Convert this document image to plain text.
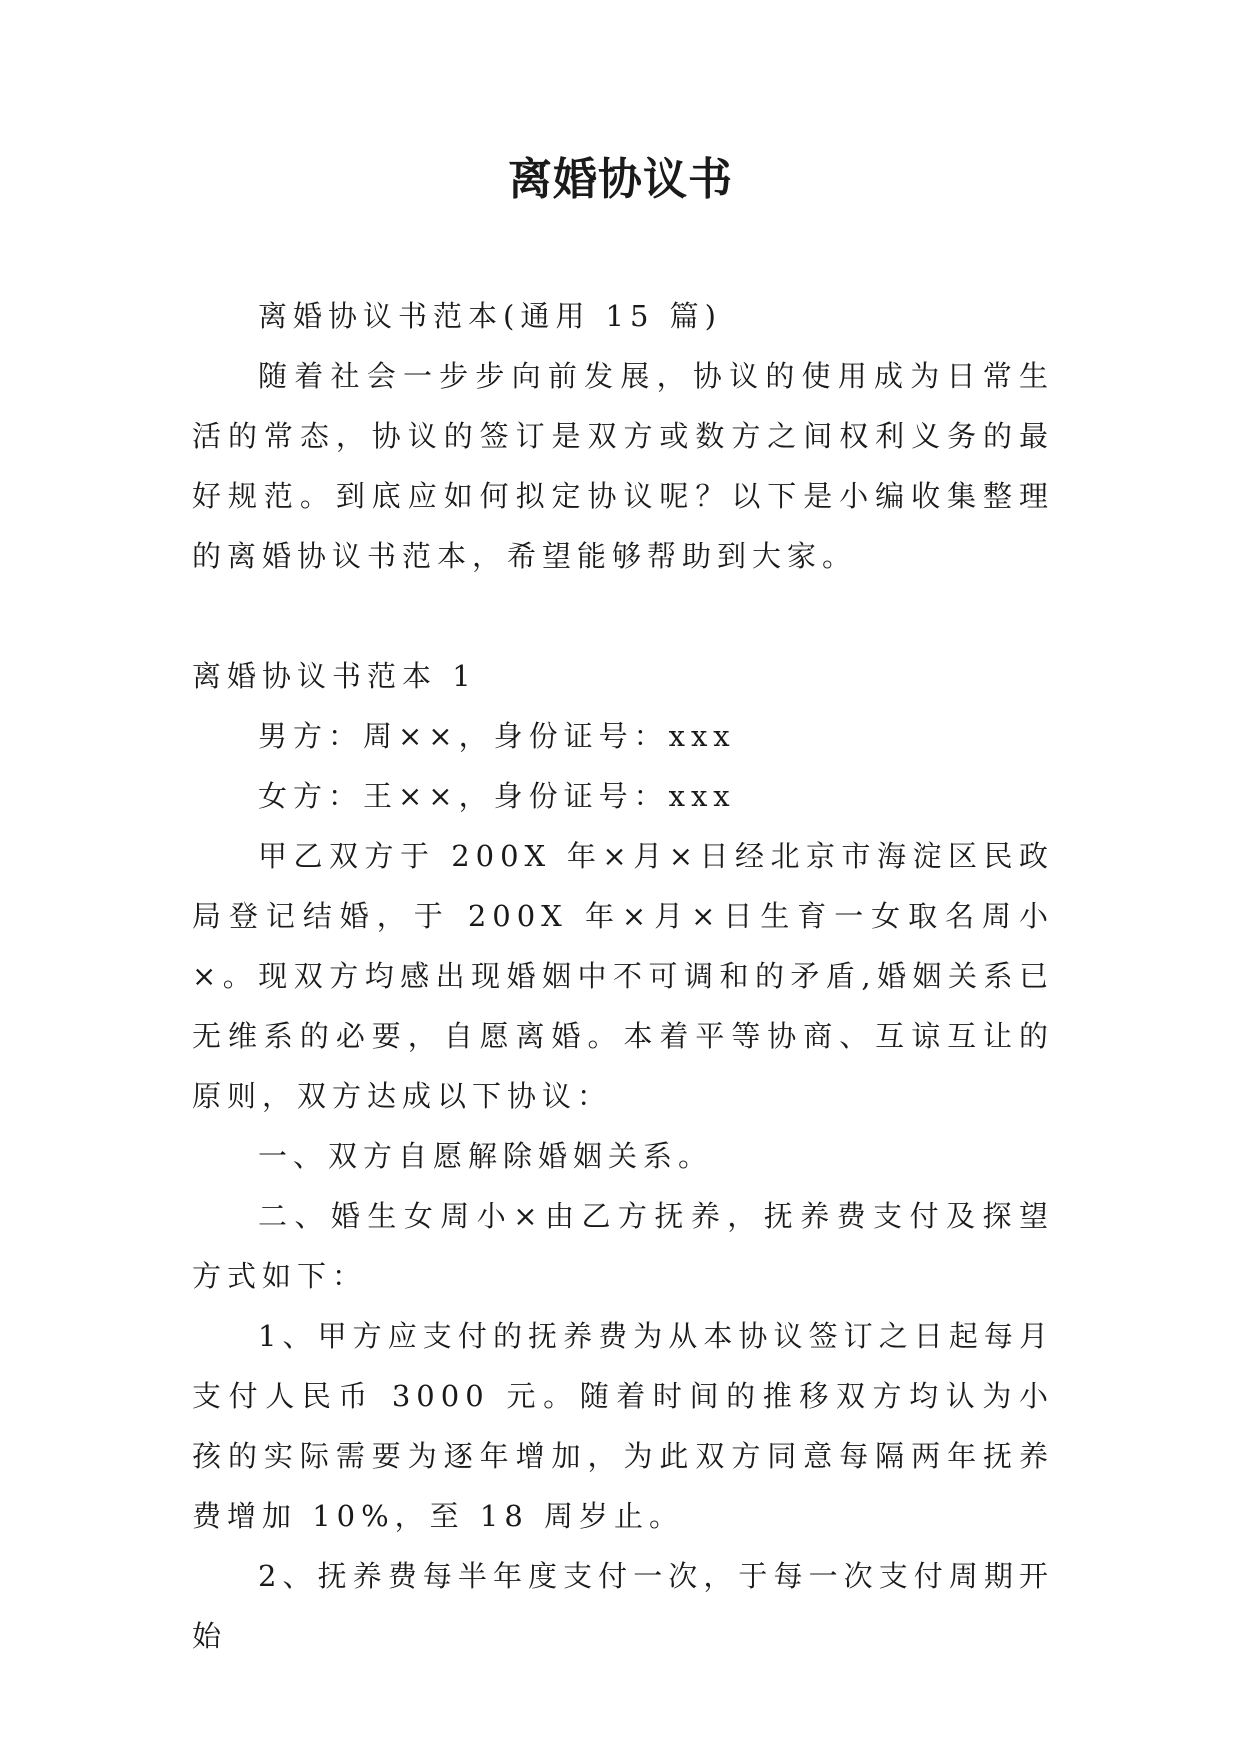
离婚协议书

离婚协议书范本(通用 15 篇)

随着社会一步步向前发展，协议的使用成为日常生活的常态，协议的签订是双方或数方之间权利义务的最好规范。到底应如何拟定协议呢？以下是小编收集整理的离婚协议书范本，希望能够帮助到大家。

离婚协议书范本 1

男方：周××，身份证号：xxx

女方：王××，身份证号：xxx

甲乙双方于 200X 年×月×日经北京市海淀区民政局登记结婚，于 200X 年×月×日生育一女取名周小×。现双方均感出现婚姻中不可调和的矛盾,婚姻关系已无维系的必要，自愿离婚。本着平等协商、互谅互让的原则，双方达成以下协议：

一、双方自愿解除婚姻关系。

二、婚生女周小×由乙方抚养，抚养费支付及探望方式如下：

1、甲方应支付的抚养费为从本协议签订之日起每月支付人民币 3000 元。随着时间的推移双方均认为小孩的实际需要为逐年增加，为此双方同意每隔两年抚养费增加 10%，至 18 周岁止。

2、抚养费每半年度支付一次，于每一次支付周期开始
